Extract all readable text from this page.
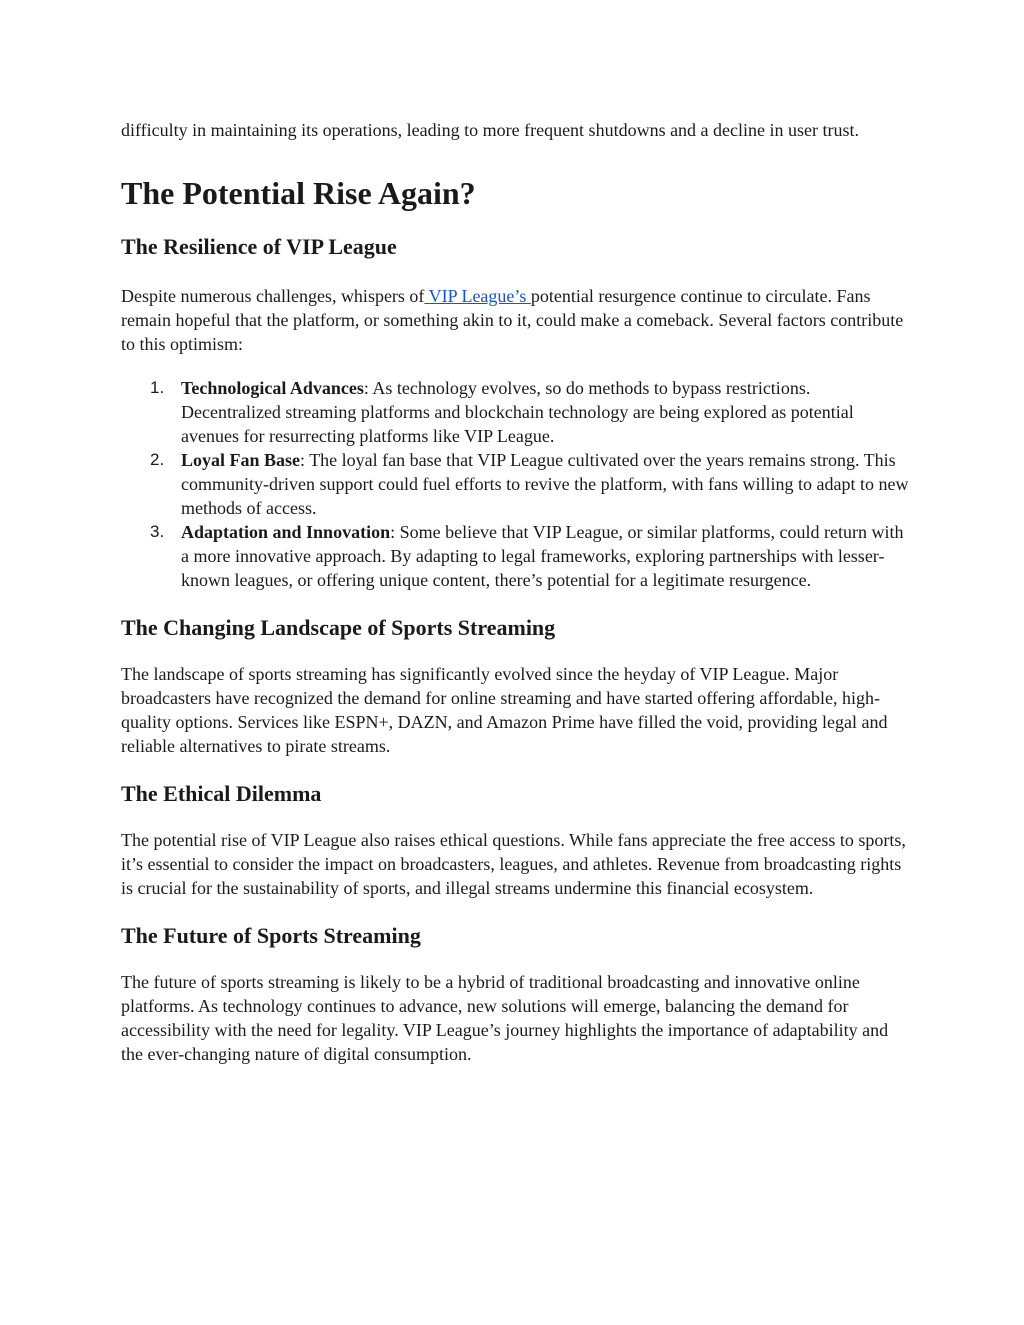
difficulty in maintaining its operations, leading to more frequent shutdowns and a decline in user trust.

The Potential Rise Again?
The Resilience of VIP League

Despite numerous challenges, whispers of VIP League’s potential resurgence continue to circulate. Fans remain hopeful that the platform, or something akin to it, could make a comeback. Several factors contribute to this optimism:

1. Technological Advances: As technology evolves, so do methods to bypass restrictions. Decentralized streaming platforms and blockchain technology are being explored as potential avenues for resurrecting platforms like VIP League.
2. Loyal Fan Base: The loyal fan base that VIP League cultivated over the years remains strong. This community-driven support could fuel efforts to revive the platform, with fans willing to adapt to new methods of access.
3. Adaptation and Innovation: Some believe that VIP League, or similar platforms, could return with a more innovative approach. By adapting to legal frameworks, exploring partnerships with lesser-known leagues, or offering unique content, there’s potential for a legitimate resurgence.
The Changing Landscape of Sports Streaming

The landscape of sports streaming has significantly evolved since the heyday of VIP League. Major broadcasters have recognized the demand for online streaming and have started offering affordable, high-quality options. Services like ESPN+, DAZN, and Amazon Prime have filled the void, providing legal and reliable alternatives to pirate streams.

The Ethical Dilemma

The potential rise of VIP League also raises ethical questions. While fans appreciate the free access to sports, it’s essential to consider the impact on broadcasters, leagues, and athletes. Revenue from broadcasting rights is crucial for the sustainability of sports, and illegal streams undermine this financial ecosystem.

The Future of Sports Streaming

The future of sports streaming is likely to be a hybrid of traditional broadcasting and innovative online platforms. As technology continues to advance, new solutions will emerge, balancing the demand for accessibility with the need for legality. VIP League’s journey highlights the importance of adaptability and the ever-changing nature of digital consumption.
